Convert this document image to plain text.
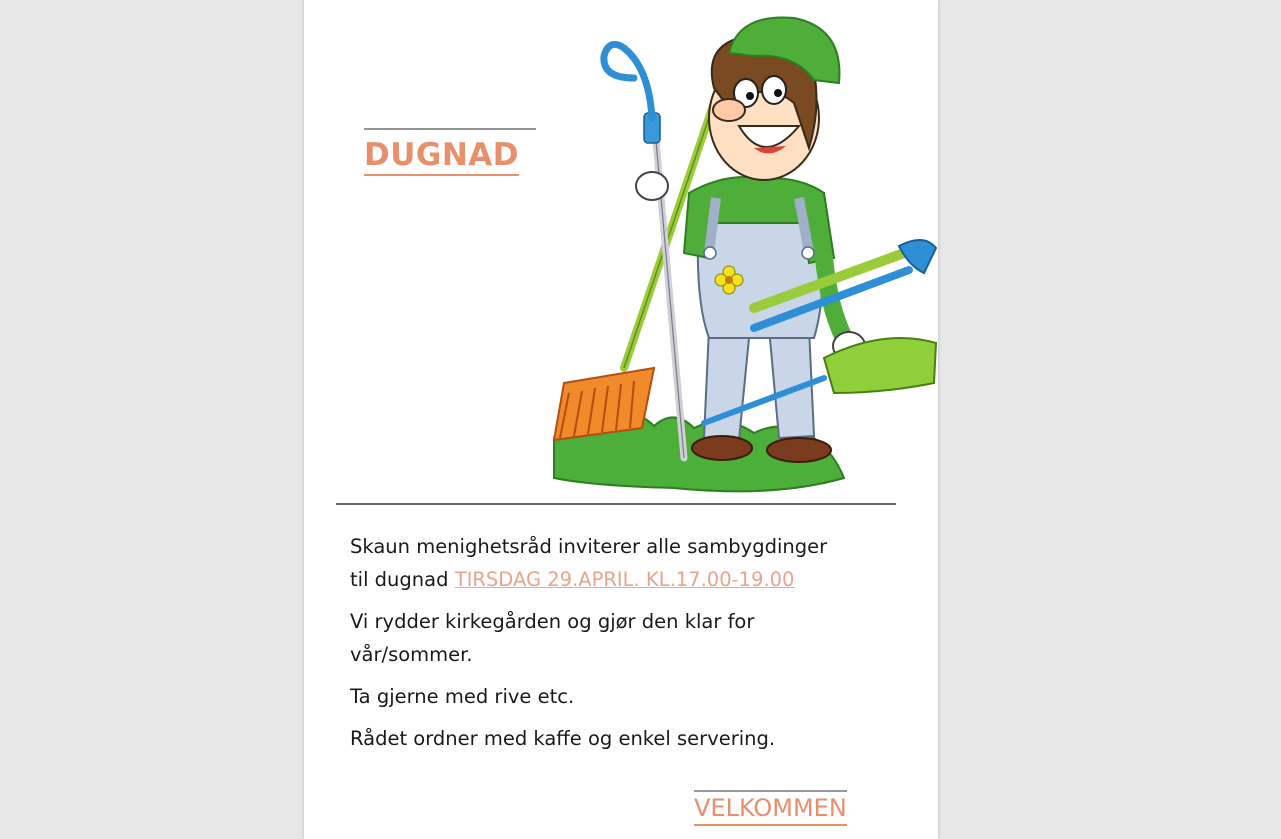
DUGNAD

Skaun menighetsråd inviterer alle sambygdinger
til dugnad TIRSDAG 29.APRIL. KL.17.00-19.00

Vi rydder kirkegården og gjør den klar for vår/sommer.

Ta gjerne med rive etc.

Rådet ordner med kaffe og enkel servering.

VELKOMMEN
